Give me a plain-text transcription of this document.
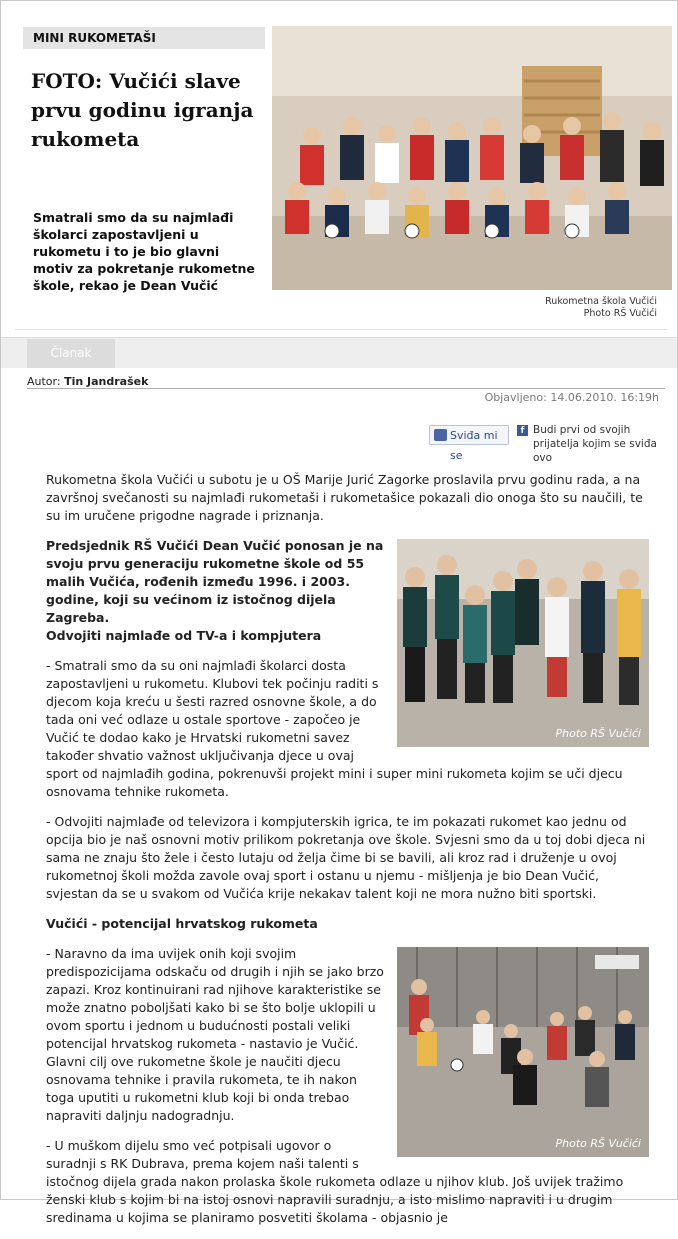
MINI RUKOMETAŠI
FOTO: Vučići slave prvu godinu igranja rukometa

Smatrali smo da su najmlađi školarci zapostavljeni u rukometu i to je bio glavni motiv za pokretanje rukometne škole, rekao je Dean Vučić

Rukometna škola Vučići
Photo RŠ Vučići
Članak
Autor: Tin Jandrašek
Objavljeno: 14.06.2010. 16:19h
Sviđa mi se
f Budi prvi od svojih prijatelja kojim se sviđa ovo

Rukometna škola Vučići u subotu je u OŠ Marije Jurić Zagorke proslavila prvu godinu rada, a na završnoj svečanosti su najmlađi rukometaši i rukometašice pokazali dio onoga što su naučili, te su im uručene prigodne nagrade i priznanja.

Photo RŠ Vučići

Predsjednik RŠ Vučići Dean Vučić ponosan je na svoju prvu generaciju rukometne škole od 55 malih Vučića, rođenih između 1996. i 2003. godine, koji su većinom iz istočnog dijela Zagreba.

Odvojiti najmlađe od TV-a i kompjutera

- Smatrali smo da su oni najmlađi školarci dosta zapostavljeni u rukometu. Klubovi tek počinju raditi s djecom koja kreću u šesti razred osnovne škole, a do tada oni već odlaze u ostale sportove - započeo je Vučić te dodao kako je Hrvatski rukometni savez također shvatio važnost uključivanja djece u ovaj sport od najmlađih godina, pokrenuvši projekt mini i super mini rukometa kojim se uči djecu osnovama tehnike rukometa.

- Odvojiti najmlađe od televizora i kompjuterskih igrica, te im pokazati rukomet kao jednu od opcija bio je naš osnovni motiv prilikom pokretanja ove škole. Svjesni smo da u toj dobi djeca ni sama ne znaju što žele i često lutaju od želja čime bi se bavili, ali kroz rad i druženje u ovoj rukometnoj školi možda zavole ovaj sport i ostanu u njemu - mišljenja je bio Dean Vučić, svjestan da se u svakom od Vučića krije nekakav talent koji ne mora nužno biti sportski.

Vučići - potencijal hrvatskog rukometa

Photo RŠ Vučići

- Naravno da ima uvijek onih koji svojim predispozicijama odskaču od drugih i njih se jako brzo zapazi. Kroz kontinuirani rad njihove karakteristike se može znatno poboljšati kako bi se što bolje uklopili u ovom sportu i jednom u budućnosti postali veliki potencijal hrvatskog rukometa - nastavio je Vučić. Glavni cilj ove rukometne škole je naučiti djecu osnovama tehnike i pravila rukometa, te ih nakon toga uputiti u rukometni klub koji bi onda trebao napraviti daljnju nadogradnju.

- U muškom dijelu smo već potpisali ugovor o suradnji s RK Dubrava, prema kojem naši talenti s istočnog dijela grada nakon prolaska škole rukometa odlaze u njihov klub. Još uvijek tražimo ženski klub s kojim bi na istoj osnovi napravili suradnju, a isto mislimo napraviti i u drugim sredinama u kojima se planiramo posvetiti školama - objasnio je
